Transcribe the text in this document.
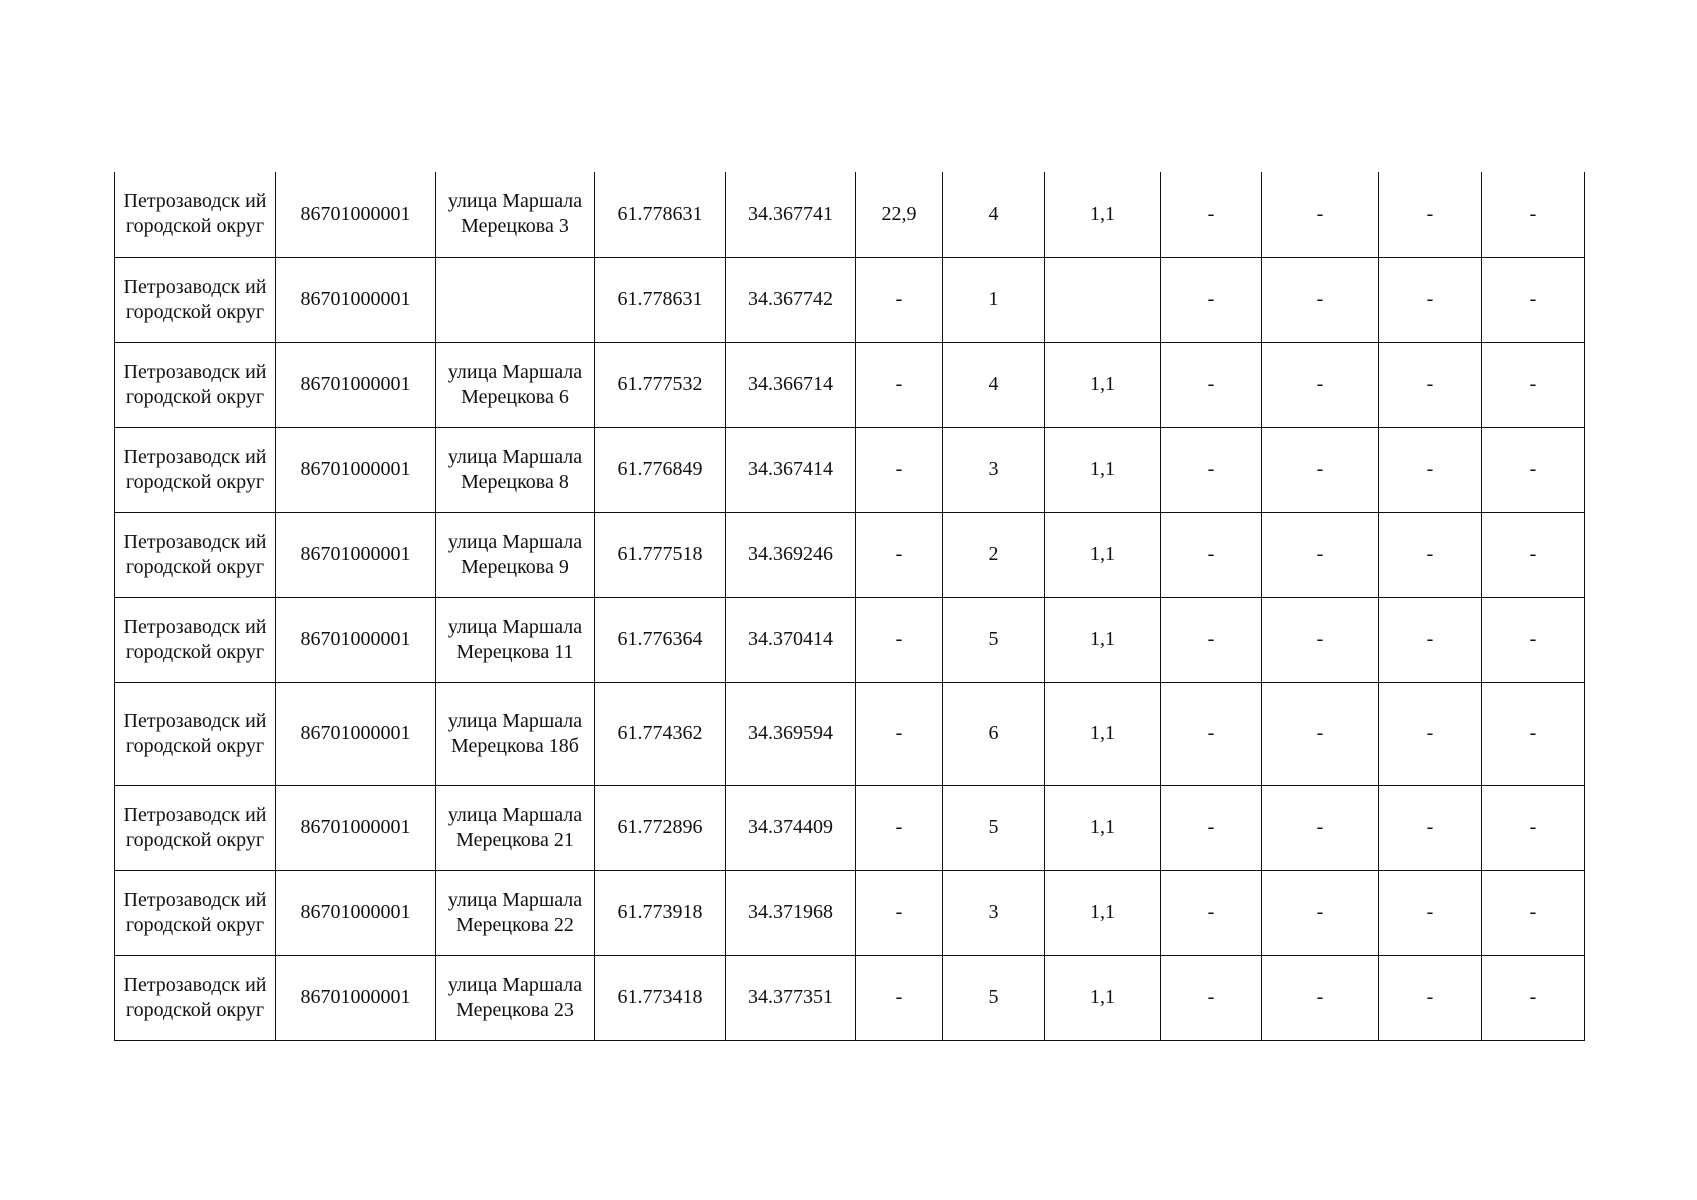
Петрозаводск ий городской округ	86701000001	улица Маршала Мерецкова 3	61.778631	34.367741	22,9	4	1,1	-	-	-	-
Петрозаводск ий городской округ	86701000001		61.778631	34.367742	-	1		-	-	-	-
Петрозаводск ий городской округ	86701000001	улица Маршала Мерецкова 6	61.777532	34.366714	-	4	1,1	-	-	-	-
Петрозаводск ий городской округ	86701000001	улица Маршала Мерецкова 8	61.776849	34.367414	-	3	1,1	-	-	-	-
Петрозаводск ий городской округ	86701000001	улица Маршала Мерецкова 9	61.777518	34.369246	-	2	1,1	-	-	-	-
Петрозаводск ий городской округ	86701000001	улица Маршала Мерецкова 11	61.776364	34.370414	-	5	1,1	-	-	-	-
Петрозаводск ий городской округ	86701000001	улица Маршала Мерецкова 18б	61.774362	34.369594	-	6	1,1	-	-	-	-
Петрозаводск ий городской округ	86701000001	улица Маршала Мерецкова 21	61.772896	34.374409	-	5	1,1	-	-	-	-
Петрозаводск ий городской округ	86701000001	улица Маршала Мерецкова 22	61.773918	34.371968	-	3	1,1	-	-	-	-
Петрозаводск ий городской округ	86701000001	улица Маршала Мерецкова 23	61.773418	34.377351	-	5	1,1	-	-	-	-
